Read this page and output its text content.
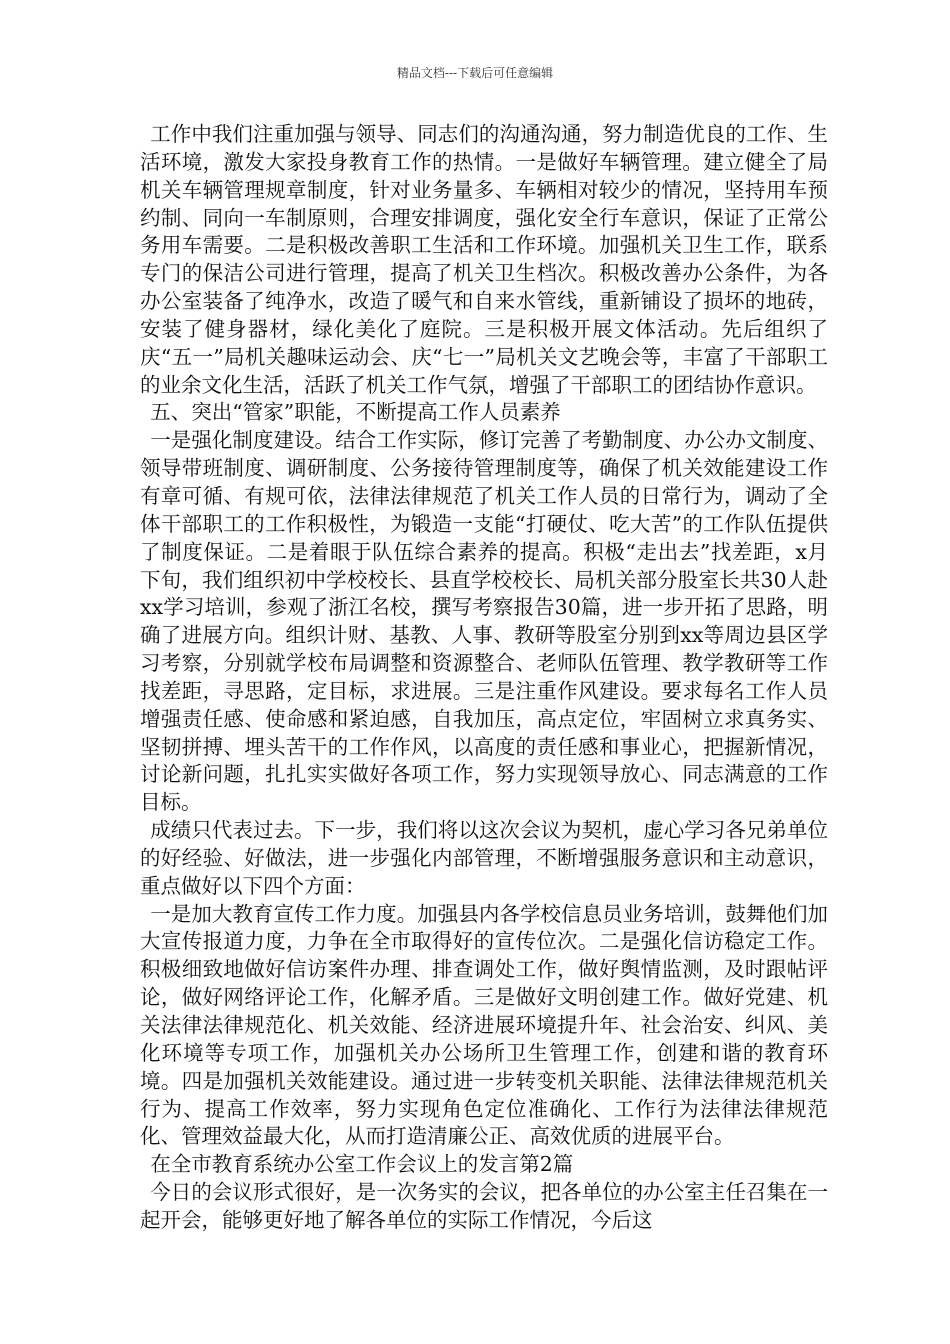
精品文档---下载后可任意编辑

工作中我们注重加强与领导、同志们的沟通沟通，努力制造优良的工作、生活环境，激发大家投身教育工作的热情。一是做好车辆管理。建立健全了局机关车辆管理规章制度，针对业务量多、车辆相对较少的情况，坚持用车预约制、同向一车制原则，合理安排调度，强化安全行车意识，保证了正常公务用车需要。二是积极改善职工生活和工作环境。加强机关卫生工作，联系专门的保洁公司进行管理，提高了机关卫生档次。积极改善办公条件，为各办公室装备了纯净水，改造了暖气和自来水管线，重新铺设了损坏的地砖，安装了健身器材，绿化美化了庭院。三是积极开展文体活动。先后组织了庆“五一”局机关趣味运动会、庆“七一”局机关文艺晚会等，丰富了干部职工的业余文化生活，活跃了机关工作气氛，增强了干部职工的团结协作意识。

五、突出“管家”职能，不断提高工作人员素养

一是强化制度建设。结合工作实际，修订完善了考勤制度、办公办文制度、领导带班制度、调研制度、公务接待管理制度等，确保了机关效能建设工作有章可循、有规可依，法律法律规范了机关工作人员的日常行为，调动了全体干部职工的工作积极性，为锻造一支能“打硬仗、吃大苦”的工作队伍提供了制度保证。二是着眼于队伍综合素养的提高。积极“走出去”找差距，x月下旬，我们组织初中学校校长、县直学校校长、局机关部分股室长共30人赴xx学习培训，参观了浙江名校，撰写考察报告30篇，进一步开拓了思路，明确了进展方向。组织计财、基教、人事、教研等股室分别到xx等周边县区学习考察，分别就学校布局调整和资源整合、老师队伍管理、教学教研等工作找差距，寻思路，定目标，求进展。三是注重作风建设。要求每名工作人员增强责任感、使命感和紧迫感，自我加压，高点定位，牢固树立求真务实、坚韧拼搏、埋头苦干的工作作风，以高度的责任感和事业心，把握新情况，讨论新问题，扎扎实实做好各项工作，努力实现领导放心、同志满意的工作目标。

成绩只代表过去。下一步，我们将以这次会议为契机，虚心学习各兄弟单位的好经验、好做法，进一步强化内部管理，不断增强服务意识和主动意识，重点做好以下四个方面：

一是加大教育宣传工作力度。加强县内各学校信息员业务培训，鼓舞他们加大宣传报道力度，力争在全市取得好的宣传位次。二是强化信访稳定工作。积极细致地做好信访案件办理、排查调处工作，做好舆情监测，及时跟帖评论，做好网络评论工作，化解矛盾。三是做好文明创建工作。做好党建、机关法律法律规范化、机关效能、经济进展环境提升年、社会治安、纠风、美化环境等专项工作，加强机关办公场所卫生管理工作，创建和谐的教育环境。四是加强机关效能建设。通过进一步转变机关职能、法律法律规范机关行为、提高工作效率，努力实现角色定位准确化、工作行为法律法律规范化、管理效益最大化，从而打造清廉公正、高效优质的进展平台。

在全市教育系统办公室工作会议上的发言第2篇

今日的会议形式很好，是一次务实的会议，把各单位的办公室主任召集在一起开会，能够更好地了解各单位的实际工作情况，今后这
